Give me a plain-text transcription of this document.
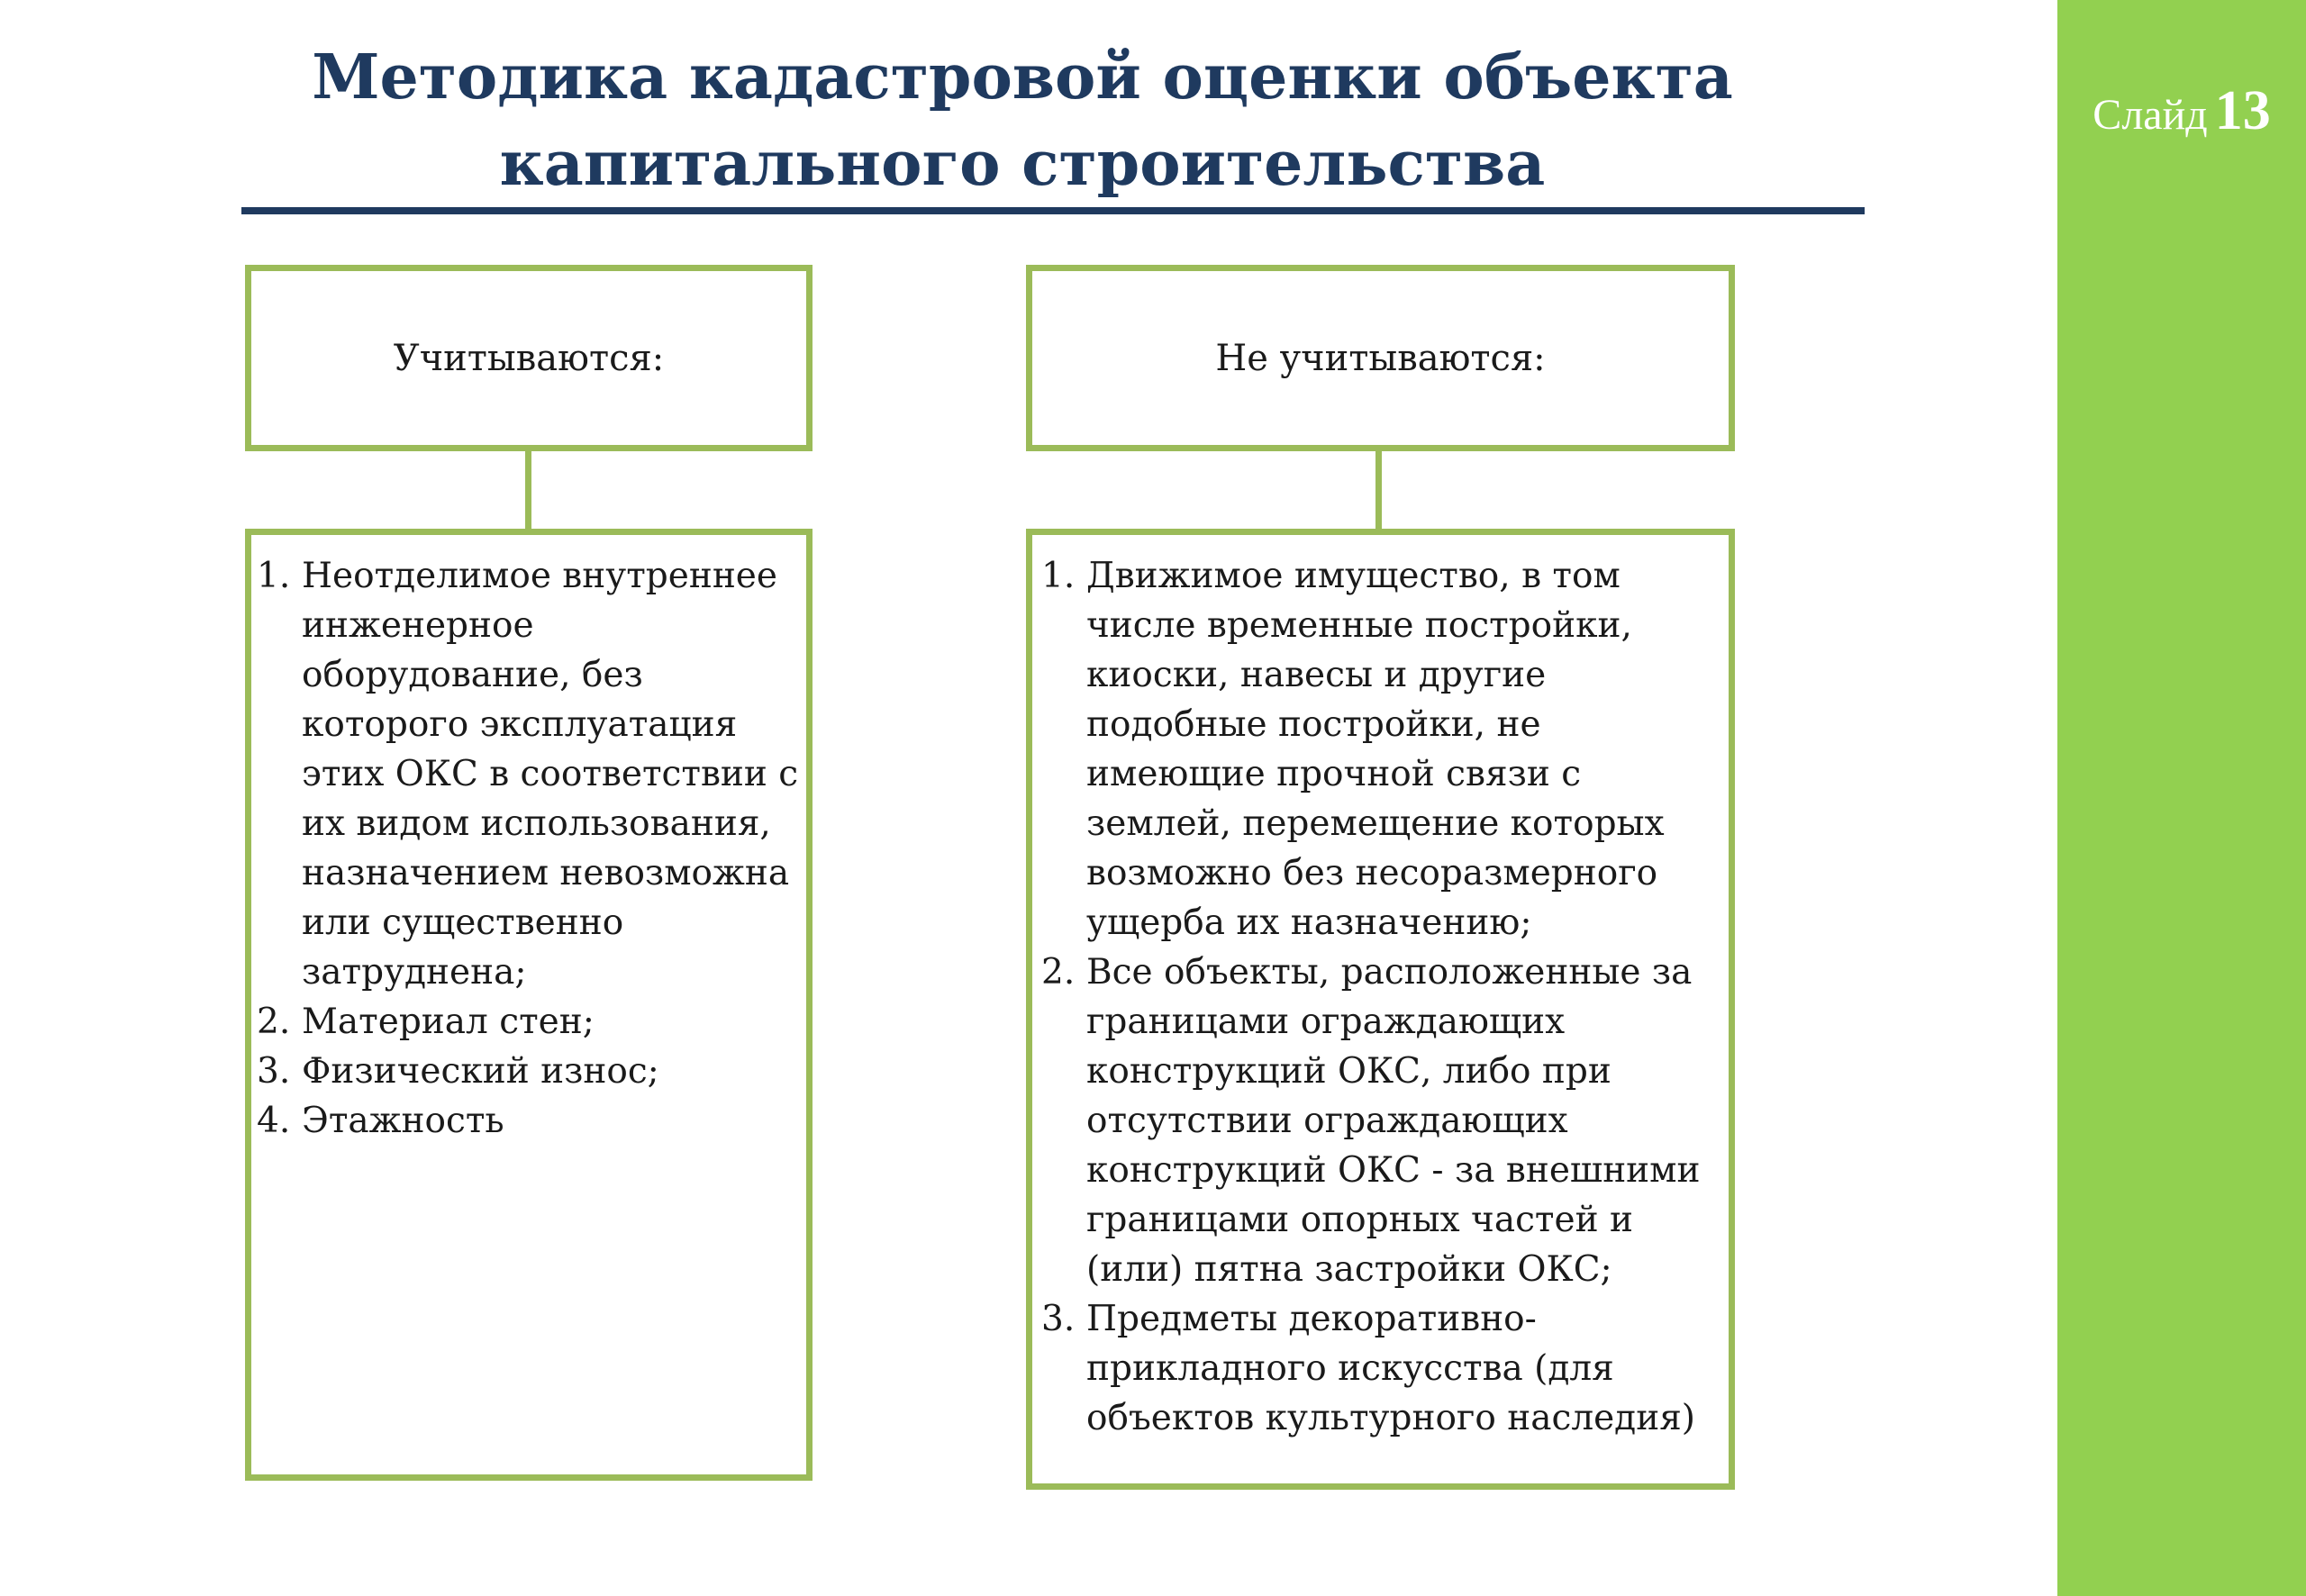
Слайд 13
Методика кадастровой оценки объекта
капитального строительства
Учитываются:
1. Неотделимое внутреннее инженерное оборудование, без которого эксплуатация этих ОКС в соответствии с их видом использования, назначением невозможна или существенно затруднена;
2. Материал стен;
3. Физический износ;
4. Этажность
Не учитываются:
1. Движимое имущество, в том числе временные постройки, киоски, навесы и другие подобные постройки, не имеющие прочной связи с землей, перемещение которых возможно без несоразмерного ущерба их назначению;
2. Все объекты, расположенные за границами ограждающих конструкций ОКС, либо при отсутствии ограждающих конструкций ОКС - за внешними границами опорных частей и (или) пятна застройки ОКС;
3. Предметы декоративно-прикладного искусства (для объектов культурного наследия)
